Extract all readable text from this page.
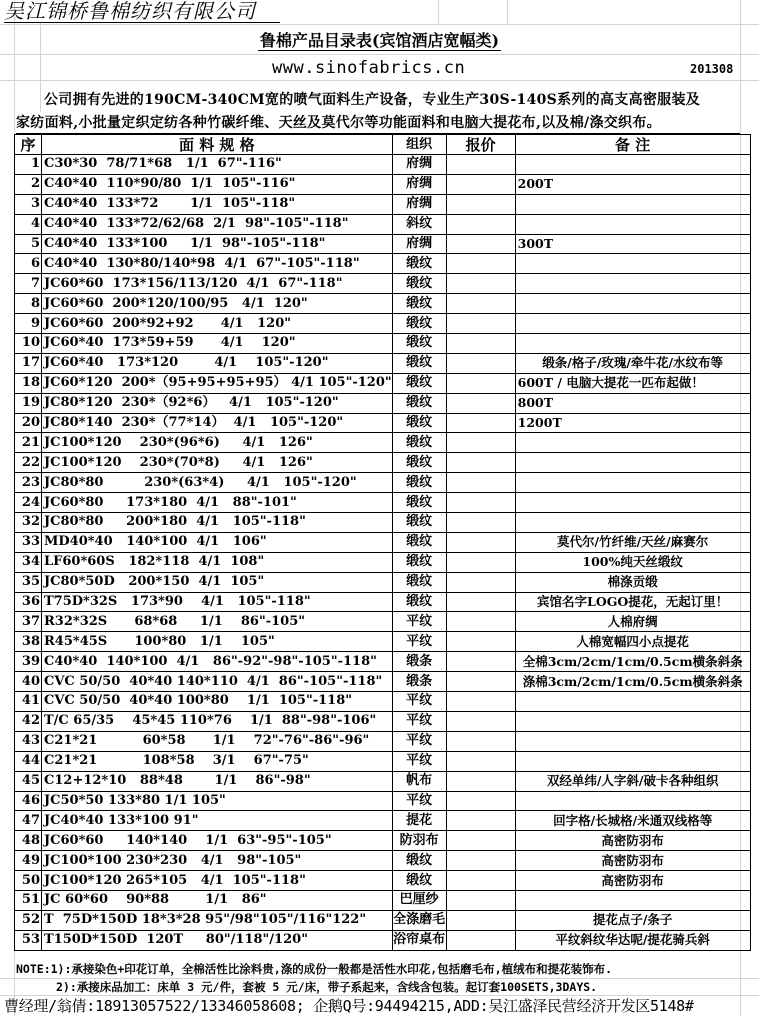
吴江锦桥鲁棉纺织有限公司
鲁棉产品目录表(宾馆酒店宽幅类)
www.sinofabrics.cn	201308
公司拥有先进的190CM-340CM宽的喷气面料生产设备，专业生产30S-140S系列的高支高密服装及
家纺面料,小批量定织定纺各种竹碳纤维、天丝及莫代尔等功能面料和电脑大提花布,以及棉/涤交织布。
序	面 料 规 格	组织	报价	备 注
1	C30*30  78/71*68   1/1  67"-116"	府绸		
2	C40*40  110*90/80  1/1  105"-116"	府绸		200T
3	C40*40  133*72       1/1  105"-118"	府绸		
4	C40*40  133*72/62/68  2/1  98"-105"-118"	斜纹		
5	C40*40  133*100     1/1  98"-105"-118"	府绸		300T
6	C40*40  130*80/140*98  4/1  67"-105"-118"	缎纹		
7	JC60*60  173*156/113/120  4/1  67"-118"	缎纹		
8	JC60*60  200*120/100/95   4/1  120"	缎纹		
9	JC60*60  200*92+92      4/1   120"	缎纹		
10	JC60*40  173*59+59      4/1    120"	缎纹		
17	JC60*40   173*120        4/1    105"-120"	缎纹		缎条/格子/玫瑰/牵牛花/水纹布等
18	JC60*120  200*（95+95+95+95） 4/1 105"-120"	缎纹		600T / 电脑大提花一匹布起做！
19	JC80*120  230*（92*6）   4/1   105"-120"	缎纹		800T
20	JC80*140  230*（77*14）  4/1   105"-120"	缎纹		1200T
21	JC100*120    230*(96*6)     4/1   126"	缎纹		
22	JC100*120    230*(70*8)     4/1   126"	缎纹		
23	JC80*80         230*(63*4)     4/1   105"-120"	缎纹		
24	JC60*80     173*180  4/1   88"-101"	缎纹		
32	JC80*80     200*180  4/1   105"-118"	缎纹		
33	MD40*40   140*100  4/1   106"	缎纹		莫代尔/竹纤维/天丝/麻赛尔
34	LF60*60S   182*118  4/1  108"	缎纹		100%纯天丝缎纹
35	JC80*50D   200*150  4/1  105"	缎纹		棉涤贡缎
36	T75D*32S   173*90    4/1   105"-118"	缎纹		宾馆名字LOGO提花，无起订里！
37	R32*32S      68*68     1/1    86"-105"	平纹		人棉府绸
38	R45*45S      100*80   1/1    105"	平纹		人棉宽幅四小点提花
39	C40*40  140*100  4/1   86"-92"-98"-105"-118"	缎条		全棉3cm/2cm/1cm/0.5cm横条斜条
40	CVC 50/50  40*40 140*110  4/1  86"-105"-118"	缎条		涤棉3cm/2cm/1cm/0.5cm横条斜条
41	CVC 50/50  40*40 100*80    1/1  105"-118"	平纹		
42	T/C 65/35    45*45 110*76    1/1  88"-98"-106"	平纹		
43	C21*21          60*58      1/1    72"-76"-86"-96"	平纹		
44	C21*21          108*58    3/1    67"-75"	平纹		
45	C12+12*10   88*48       1/1    86"-98"	帆布		双经单纬/人字斜/破卡各种组织
46	JC50*50 133*80 1/1 105"	平纹		
47	JC40*40 133*100 91"	提花		回字格/长城格/米通双线格等
48	JC60*60     140*140    1/1  63"-95"-105"	防羽布		高密防羽布
49	JC100*100 230*230   4/1   98"-105"	缎纹		高密防羽布
50	JC100*120 265*105   4/1  105"-118"	缎纹		高密防羽布
51	JC 60*60    90*88        1/1   86"	巴厘纱		
52	T  75D*150D 18*3*28 95"/98"105"/116"122"	全涤磨毛		提花点子/条子
53	T150D*150D  120T     80"/118"/120"	浴帘桌布		平纹斜纹华达呢/提花骑兵斜
NOTE:1):承接染色+印花订单，全棉活性比涂料贵,涤的成份一般都是活性水印花,包括磨毛布,植绒布和提花装饰布.
2):承接床品加工：床单 3 元/件，套被 5 元/床，带子系起来，含线含包装。起订套100SETS,3DAYS.
曹经理/翁倩:18913057522/13346058608; 企鹅Q号:94494215,ADD:吴江盛泽民营经济开发区5148#
